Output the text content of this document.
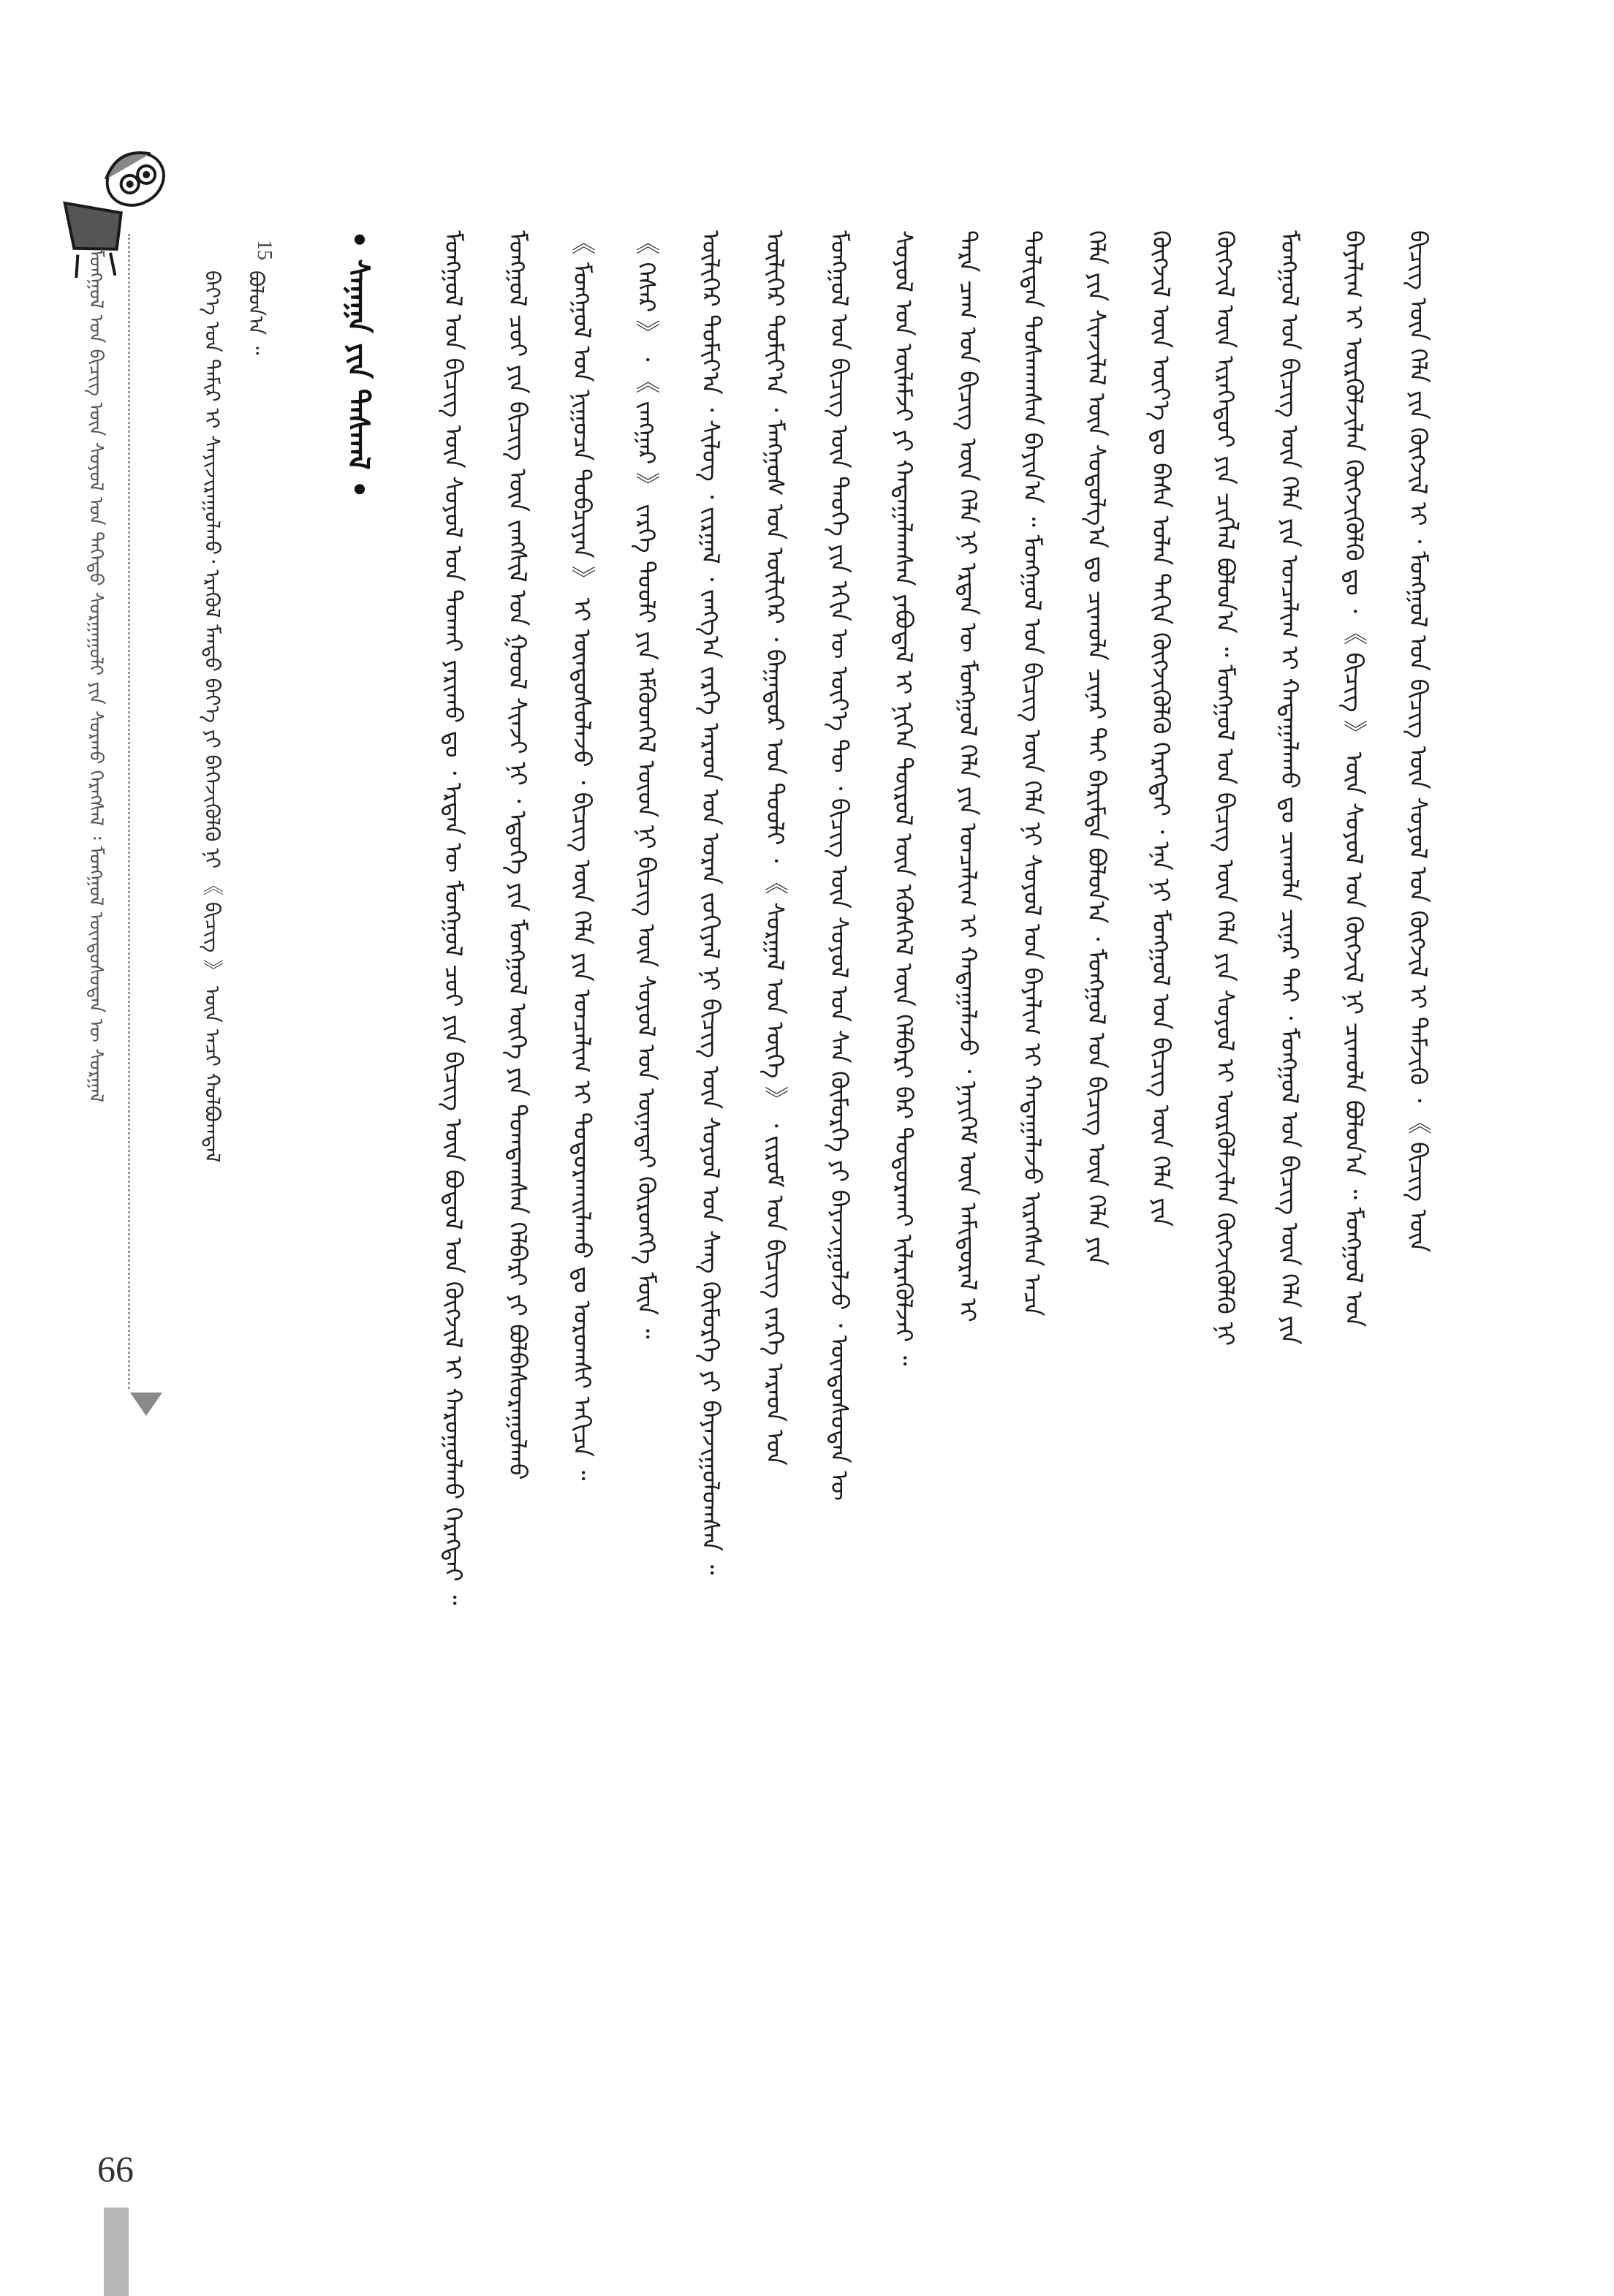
66
ᠮᠣᠩᠭᠣᠯ ᠤᠨ ᠪᠢᠴᠢᠭ ᠦᠨ ᠰᠣᠶᠣᠯ ᠤᠨ ᠳᠡᠭᠡᠳᠦ ᠰᠤᠷᠭᠠᠭᠤᠯᠢ ᠶᠢᠨ ᠰᠤᠷᠬᠤ ᠬᠡᠷᠡᠭᠰᠡᠯ ᠄ ᠮᠣᠩᠭᠣᠯ ᠦᠨᠳᠦᠰᠦᠲᠡᠨ ᠦ ᠰᠤᠷᠭᠠᠯ	15
ᠪᠡᠶ᠎ᠡ ᠤᠨ ᠲᠠᠮᠢᠷ ᠢ ᠰᠠᠶᠢᠵᠢᠷᠠᠭᠤᠯᠬᠤ᠂ ᠡᠷᠡᠭᠦᠯ ᠮᠡᠨᠳᠦ ᠪᠡᠶ᠎ᠡ ᠶᠢ ᠪᠡᠬᠡᠵᠢᠭᠦᠯᠬᠦ ᠨᠢ 《 ᠪᠢᠴᠢᠭ 》 ᠦᠨ ᠠᠴᠢ ᠬᠣᠯᠪᠣᠭᠳᠠᠯ ᠪᠣᠯᠤᠨ᠎ᠠ ᠃	• ᠰᠠᠨᠠᠭᠠ ᠶᠢᠨ ᠳᠠᠰᠬᠠᠯ •	ᠮᠣᠩᠭᠣᠯ ᠤᠨ ᠪᠢᠴᠢᠭ ᠦᠨ ᠰᠣᠶᠣᠯ ᠤᠨ ᠲᠤᠬᠠᠢ ᠶᠠᠷᠢᠬᠤ ᠳᠤ ᠂ ᠡᠷᠲᠡᠨ ᠦ ᠮᠣᠩᠭᠣᠯ ᠴᠤᠢ ᠶᠢᠨ ᠪᠢᠴᠢᠭ ᠦᠨ ᠪᠣᠳᠣᠯ ᠤᠨ ᠬᠥᠭᠵᠢᠯ ᠢ ᠬᠠᠷᠤᠭᠤᠯᠬᠤ ᠬᠡᠷᠡᠭᠲᠡᠢ ᠃	ᠮᠣᠩᠭᠣᠯ ᠴᠤᠢ ᠶᠢᠨ ᠪᠢᠴᠢᠭ ᠦᠨ ᠵᠠᠩᠰᠢᠯ ᠤᠨ ᠭᠣᠣᠯ ᠰᠢᠨᠵᠢ ᠨᠢ ᠂ ᠡᠳᠦᠭᠡ ᠶᠢᠨ ᠮᠣᠩᠭᠣᠯ ᠦᠭᠡ ᠶᠢᠨ ᠲᠣᠭᠲᠠᠭᠰᠠᠨ ᠬᠡᠯᠪᠡᠷᠢ ᠶᠢ ᠪᠣᠯᠪᠠᠰᠤᠷᠠᠭᠤᠯᠬᠤ	《 ᠮᠣᠩᠭᠣᠯ ᠤᠨ ᠨᠢᠭᠤᠴᠠ ᠲᠣᠪᠴᠢᠶᠠᠨ 》 ᠢ ᠦᠨᠳᠦᠰᠦᠯᠡᠵᠦ ᠂ ᠪᠢᠴᠢᠭ ᠦᠨ ᠬᠡᠯᠡ ᠶᠢᠨ ᠣᠨᠴᠠᠯᠢᠭ ᠢ ᠲᠣᠳᠣᠷᠬᠠᠢᠯᠠᠬᠤ ᠳᠤ ᠤᠷᠤᠭᠰᠢ ᠠᠬᠢᠴᠠ ᠃	《 ᠭᠡᠰᠡᠷ 》 ᠂ 《 ᠵᠠᠩᠭᠠᠷ 》 ᠵᠡᠷᠭᠡ ᠲᠤᠤᠯᠢ ᠶᠢᠨ ᠡᠮᠬᠦᠳᠭᠡᠯ ᠦᠳ ᠨᠢ ᠪᠢᠴᠢᠭ ᠦᠨ ᠰᠣᠶᠣᠯ ᠤᠨ ᠦᠨᠡᠲᠡᠢ ᠬᠥᠷᠥᠩᠭᠡ ᠮᠥᠨ ᠃	ᠦᠯᠢᠭᠡᠷ ᠲᠣᠮᠢᠶ᠎ᠠ ᠂ ᠰᠢᠯᠦᠭ ᠂ ᠵᠢᠷᠭᠠᠯ ᠂ ᠵᠠᠩᠭ᠎ᠠ ᠵᠡᠷᠭᠡ ᠠᠷᠠᠳ ᠤᠨ ᠤᠷᠠᠨ ᠵᠣᠬᠢᠶᠠᠯ ᠨᠢ ᠪᠢᠴᠢᠭ ᠦᠨ ᠰᠣᠶᠣᠯ ᠤᠨ ᠰᠠᠩ ᠬᠥᠮᠥᠷᠭᠡ ᠶᠢ ᠪᠠᠶᠠᠵᠢᠭᠤᠯᠤᠭᠰᠠᠨ ᠃	ᠦᠯᠢᠭᠡᠷ ᠲᠣᠮᠢᠶ᠎ᠠ ᠂ ᠮᠠᠩᠭᠤᠰ ᠤᠨ ᠦᠯᠢᠭᠡᠷ ᠂ ᠪᠠᠭᠠᠲᠤᠷ ᠤᠨ ᠲᠤᠤᠯᠢ ᠂ 《 ᠰᠣᠷᠭᠠᠯ ᠤᠨ ᠦᠭᠡ 》 ᠂ ᠵᠢᠷᠤᠮ ᠤᠨ ᠪᠢᠴᠢᠭ ᠵᠡᠷᠭᠡ ᠠᠷᠠᠳ ᠤᠨ	ᠮᠣᠩᠭᠣᠯ ᠤᠨ ᠪᠢᠴᠢᠭ ᠦᠨ ᠲᠡᠦᠬᠡ ᠶᠢᠨ ᠡᠬᠢᠨ ᠦ ᠦᠶ᠎ᠡ ᠲᠦ ᠂ ᠪᠢᠴᠢᠭ ᠦᠨ ᠰᠣᠶᠣᠯ ᠤᠨ ᠰᠠᠨ ᠬᠥᠮᠥᠷᠭᠡ ᠶᠢ ᠪᠠᠶᠠᠵᠢᠭᠤᠯᠵᠤ ᠂ ᠦᠨᠳᠦᠰᠦᠲᠡᠨ ᠦ	ᠰᠣᠶᠣᠯ ᠤᠨ ᠦᠯᠡᠮᠵᠢ ᠶᠢ ᠬᠠᠳᠠᠭᠠᠯᠠᠭᠰᠠᠨ ᠶᠠᠪᠤᠳᠠᠯ ᠢ ᠨᠢᠭᠡᠨ ᠲᠥᠷᠥᠯ ᠦᠨ ᠡᠭᠦᠰᠭᠡᠯ ᠦᠨ ᠬᠡᠯᠪᠡᠷᠢ ᠪᠡᠷ ᠲᠣᠳᠣᠷᠬᠠᠶ ᠢᠯᠡᠷᠡᠭᠦᠯᠵᠡᠢ ᠃	ᠲᠡᠷᠡ ᠴᠠᠭ ᠤᠨ ᠪᠢᠴᠢᠭ ᠦᠨ ᠬᠡᠯᠡ ᠨᠢ ᠡᠷᠲᠡᠨ ᠦ ᠮᠣᠩᠭᠣᠯ ᠬᠡᠯᠡ ᠶᠢᠨ ᠣᠨᠴᠠᠯᠢᠭ ᠢ ᠬᠠᠳᠠᠭᠠᠯᠠᠵᠤ ᠂ ᠨᠡᠶᠢᠭᠡᠮ ᠦᠨ ᠠᠮᠢᠳᠤᠷᠠᠯ ᠢ	ᠲᠣᠯᠢᠳᠠᠨ ᠲᠤᠰᠬᠠᠭᠰᠠᠨ ᠪᠠᠶᠢᠨ᠎ᠠ ᠃ ᠮᠣᠩᠭᠣᠯ ᠤᠨ ᠪᠢᠴᠢᠭ ᠦᠨ ᠬᠡᠯᠡ ᠨᠢ ᠰᠣᠶᠣᠯ ᠤᠨ ᠪᠠᠶᠠᠯᠢᠭ ᠢ ᠬᠠᠳᠠᠭᠠᠯᠠᠵᠤ ᠢᠷᠡᠭᠰᠡᠨ ᠠᠴᠠ	ᠬᠡᠯᠡ ᠶᠢᠨ ᠰᠢᠨᠵᠢᠯᠡᠯ ᠦᠨ ᠰᠤᠳᠤᠯᠭ᠎ᠠ ᠳᠤ ᠴᠢᠬᠤᠯᠠ ᠴᠢᠨᠠᠷ ᠲᠠᠢ ᠪᠠᠷᠢᠮᠲᠠ ᠪᠣᠯᠤᠨ᠎ᠠ ᠂ ᠮᠣᠩᠭᠣᠯ ᠤᠨ ᠪᠢᠴᠢᠭ ᠦᠨ ᠬᠡᠯᠡ ᠶᠢᠨ	ᠬᠥᠭᠵᠢᠯ ᠦᠨ ᠦᠶ᠎ᠡ ᠳᠤ ᠪᠠᠰᠠ ᠣᠯᠠᠨ ᠳᠠᠬᠢᠨ ᠬᠥᠭᠵᠢᠭᠦᠯᠬᠦ ᠬᠡᠷᠡᠭᠲᠡᠢ ᠂ ᠡᠨᠡ ᠨᠢ ᠮᠣᠩᠭᠣᠯ ᠤᠨ ᠪᠢᠴᠢᠭ ᠦᠨ ᠬᠡᠯᠡ ᠶᠢᠨ	ᠬᠥᠭᠵᠢᠯ ᠦᠨ ᠢᠷᠡᠭᠡᠳᠦᠢ ᠶᠢᠨ ᠴᠢᠭᠯᠡᠯ ᠪᠣᠯᠤᠨ᠎ᠠ ᠃ ᠮᠣᠩᠭᠣᠯ ᠤᠨ ᠪᠢᠴᠢᠭ ᠦᠨ ᠬᠡᠯᠡ ᠶᠢᠨ ᠰᠣᠶᠣᠯ ᠢ ᠦᠷᠭᠦᠯᠵᠢᠯᠡᠨ ᠬᠥᠭᠵᠢᠭᠦᠯᠬᠦ ᠨᠢ	ᠮᠣᠩᠭᠣᠯ ᠤᠨ ᠪᠢᠴᠢᠭ ᠦᠨ ᠬᠡᠯᠡ ᠶᠢᠨ ᠣᠨᠴᠠᠯᠢᠭ ᠢ ᠬᠠᠳᠠᠭᠠᠯᠠᠬᠤ ᠳᠤ ᠴᠢᠬᠤᠯᠠ ᠴᠢᠨᠠᠷ ᠲᠠᠢ ᠂ ᠮᠣᠩᠭᠣᠯ ᠤᠨ ᠪᠢᠴᠢᠭ ᠦᠨ ᠬᠡᠯᠡ ᠶᠢᠨ	ᠪᠠᠶᠠᠯᠢᠭ ᠢ ᠦᠷᠭᠦᠯᠵᠢᠯᠡᠨ ᠬᠥᠭᠵᠢᠭᠦᠯᠬᠦ ᠳᠤ ᠂ 《 ᠪᠢᠴᠢᠭ 》 ᠦᠨ ᠰᠣᠶᠣᠯ ᠤᠨ ᠬᠥᠭᠵᠢᠯ ᠨᠢ ᠴᠢᠬᠤᠯᠠ ᠪᠣᠯᠤᠨ᠎ᠠ ᠃ ᠮᠣᠩᠭᠣᠯ ᠤᠨ	ᠪᠢᠴᠢᠭ ᠦᠨ ᠬᠡᠯᠡ ᠶᠢᠨ ᠬᠥᠭᠵᠢᠯ ᠢ ᠂ ᠮᠣᠩᠭᠣᠯ ᠤᠨ ᠪᠢᠴᠢᠭ ᠦᠨ ᠰᠣᠶᠣᠯ ᠤᠨ ᠬᠥᠭᠵᠢᠯ ᠢ ᠳᠡᠮᠵᠢᠬᠦ ᠂ 《 ᠪᠢᠴᠢᠭ ᠦᠨ
